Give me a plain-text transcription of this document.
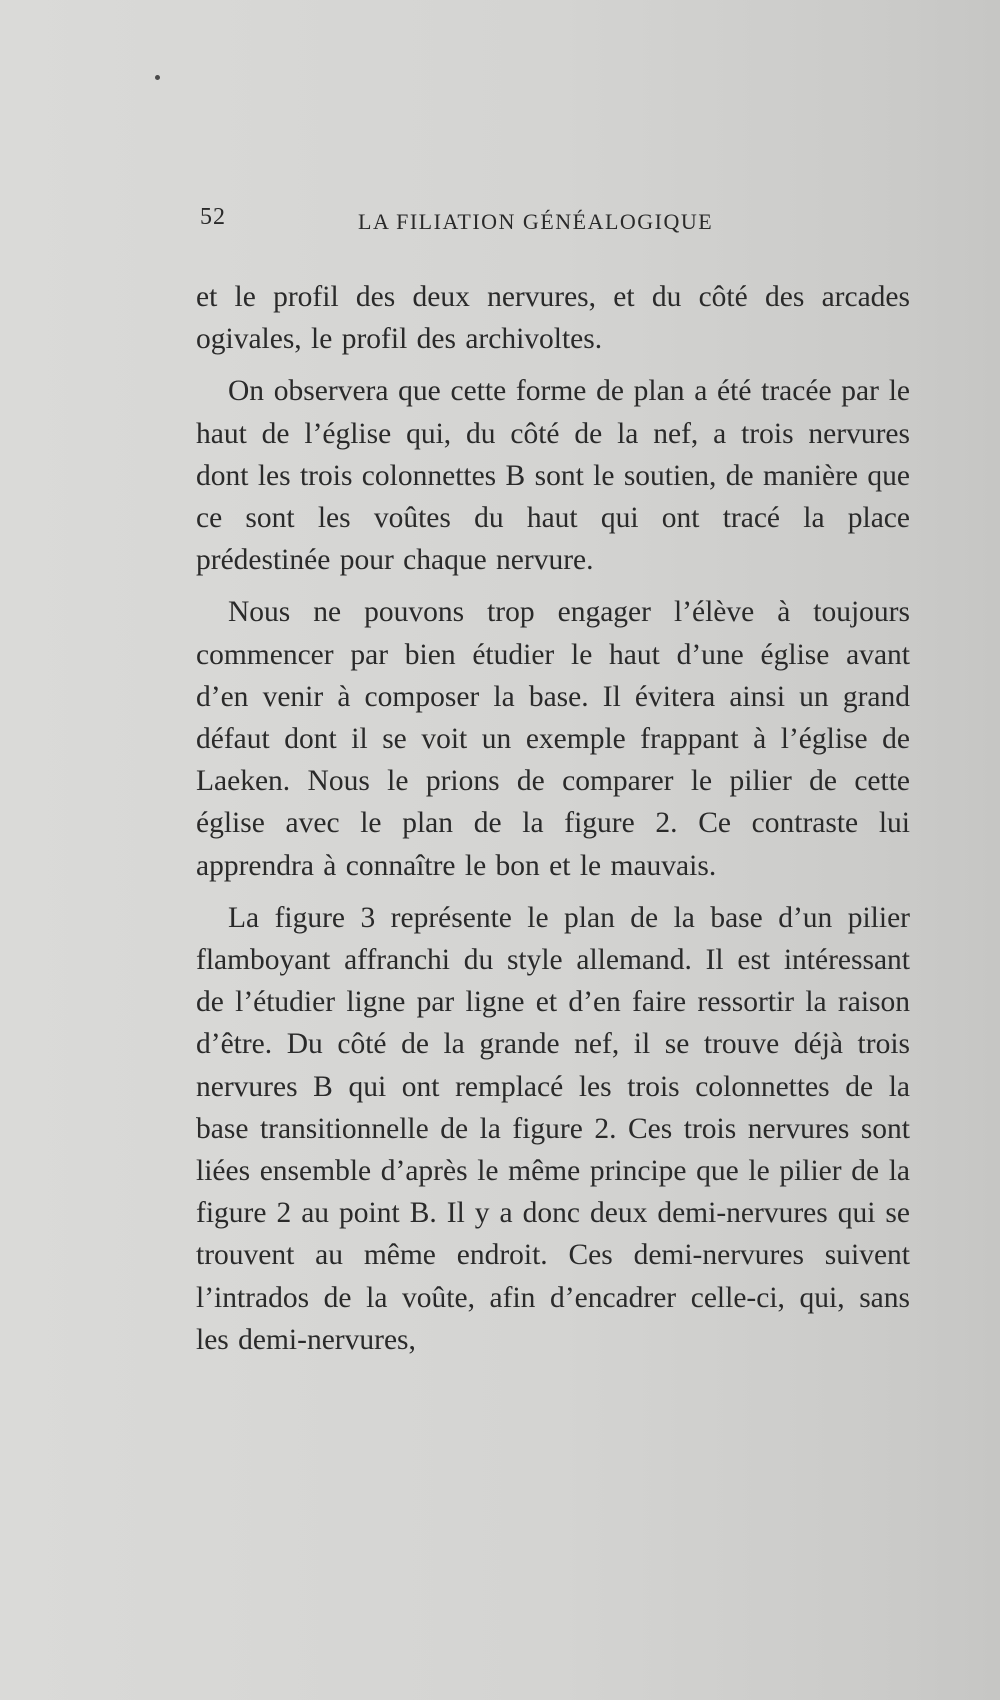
52	LA FILIATION GÉNÉALOGIQUE

et le profil des deux nervures, et du côté des arcades ogivales, le profil des archivoltes.

On observera que cette forme de plan a été tracée par le haut de l’église qui, du côté de la nef, a trois nervures dont les trois colonnettes B sont le soutien, de manière que ce sont les voûtes du haut qui ont tracé la place prédestinée pour chaque nervure.

Nous ne pouvons trop engager l’élève à toujours commencer par bien étudier le haut d’une église avant d’en venir à composer la base. Il évitera ainsi un grand défaut dont il se voit un exemple frappant à l’église de Laeken. Nous le prions de comparer le pilier de cette église avec le plan de la figure 2. Ce contraste lui apprendra à connaître le bon et le mauvais.

La figure 3 représente le plan de la base d’un pilier flamboyant affranchi du style allemand. Il est intéressant de l’étudier ligne par ligne et d’en faire ressortir la raison d’être. Du côté de la grande nef, il se trouve déjà trois nervures B qui ont remplacé les trois colonnettes de la base transitionnelle de la figure 2. Ces trois nervures sont liées ensemble d’après le même principe que le pilier de la figure 2 au point B. Il y a donc deux demi-nervures qui se trouvent au même endroit. Ces demi-nervures suivent l’intrados de la voûte, afin d’encadrer celle-ci, qui, sans les demi-nervures,
